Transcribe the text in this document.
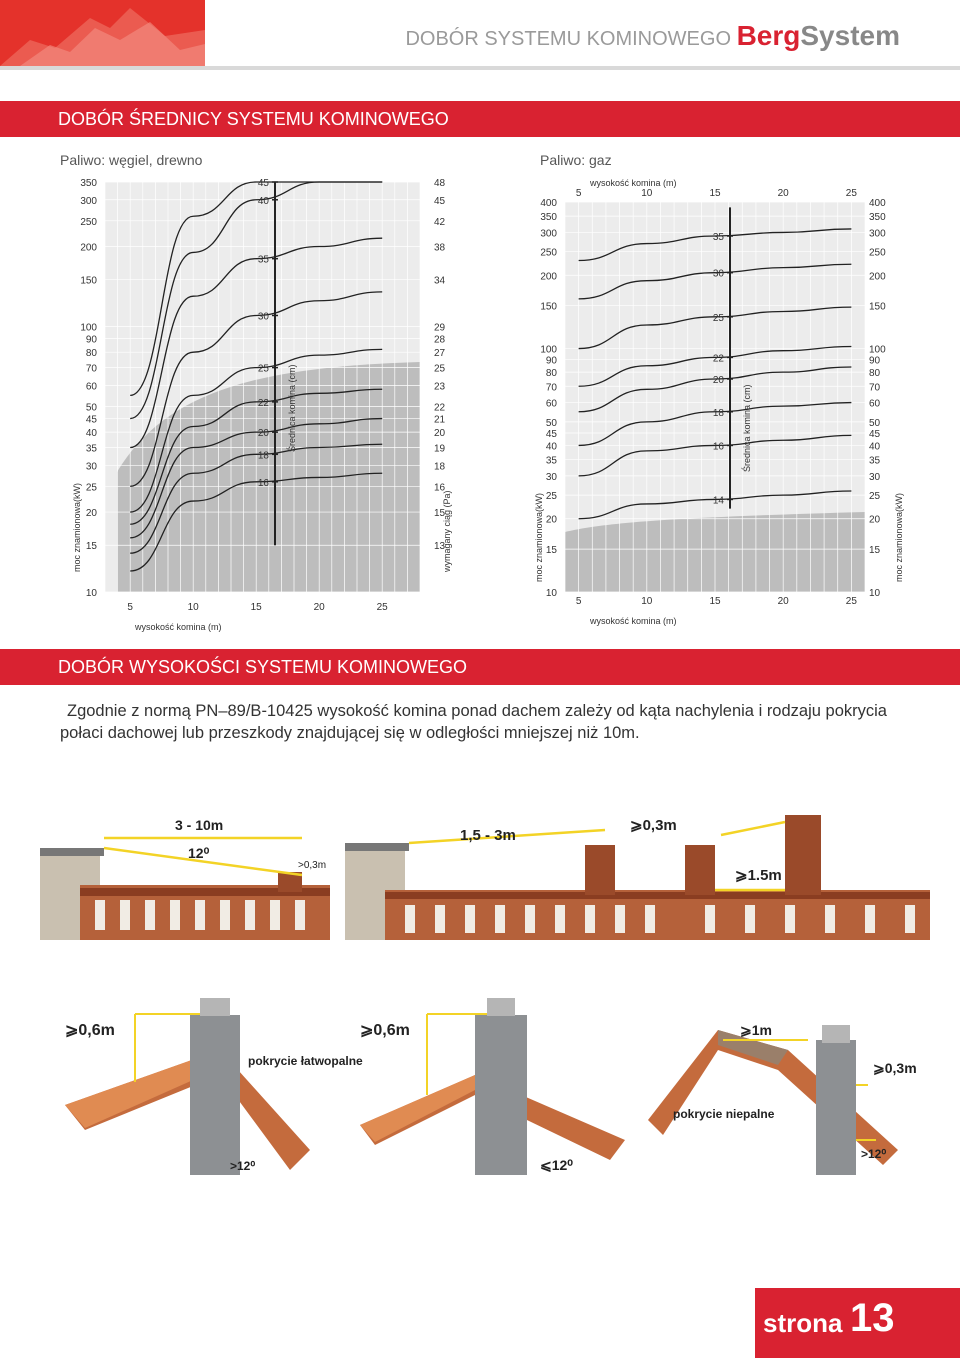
DOBÓR SYSTEMU KOMINOWEGO BergSystem
DOBÓR ŚREDNICY SYSTEMU KOMINOWEGO
Paliwo: węgiel, drewno	Paliwo: gaz
10
15
20
25
30
35
40
45
50
60
70
80
90
100
150
200
250
300
350
5	10	15	20	25
16
18
20
22
25
30
35
40
45
13
15
16
18
19
20
21
22
23
25
27
28
29
34
38
42
45
48
moc znamionowa(kW)	wymagany ciąg (Pa)
wysokość komina (m)
Średnica komina (cm)
10
15
20
25
30
35
40
45
50
60
70
80
90
100
150
200
250
300
350
400
10
15
20
25
30
35
40
45
50
60
70
80
90
100
150
200
250
300
350
400
5	10	15	20	25
14
16
18
20
22
25
30
35
5	10	15	20	25
moc znamionowa(kW)	moc znamionowa(kW)
wysokość komina (m)
wysokość komina (m)
Średnica komina (cm)
DOBÓR WYSOKOŚCI SYSTEMU KOMINOWEGO
Zgodnie z normą PN–89/B-10425 wysokość komina ponad dachem zależy od kąta nachylenia i rodzaju pokrycia połaci dachowej lub przeszkody znajdującej się w odległości mniejszej niż 10m.
3 - 10m
12⁰
>0,3m
1,5 - 3m
⩾0,3m
⩾1.5m
⩾0,6m
pokrycie łatwopalne
>12⁰
⩾0,6m
⩽12⁰
⩾1m
⩾0,3m
pokrycie niepalne
>12⁰
strona 13
